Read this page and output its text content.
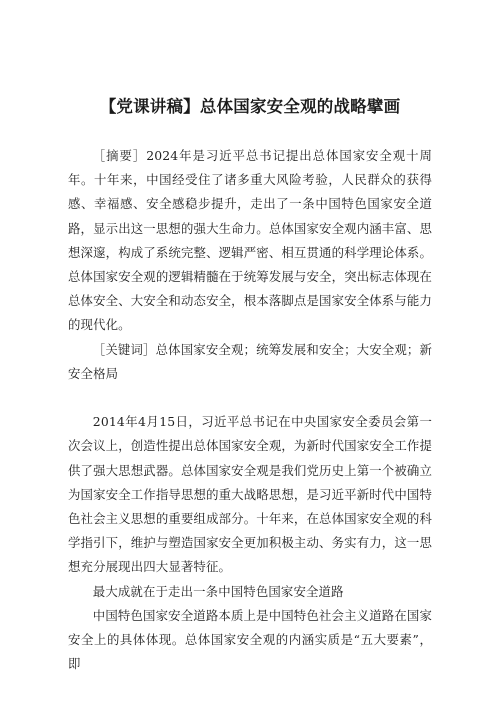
【党课讲稿】总体国家安全观的战略擘画

［摘要］2024年是习近平总书记提出总体国家安全观十周年。十年来，中国经受住了诸多重大风险考验，人民群众的获得感、幸福感、安全感稳步提升，走出了一条中国特色国家安全道路，显示出这一思想的强大生命力。总体国家安全观内涵丰富、思想深邃，构成了系统完整、逻辑严密、相互贯通的科学理论体系。总体国家安全观的逻辑精髓在于统筹发展与安全，突出标志体现在总体安全、大安全和动态安全，根本落脚点是国家安全体系与能力的现代化。

［关键词］总体国家安全观；统筹发展和安全；大安全观；新安全格局

2014年4月15日，习近平总书记在中央国家安全委员会第一次会议上，创造性提出总体国家安全观，为新时代国家安全工作提供了强大思想武器。总体国家安全观是我们党历史上第一个被确立为国家安全工作指导思想的重大战略思想，是习近平新时代中国特色社会主义思想的重要组成部分。十年来，在总体国家安全观的科学指引下，维护与塑造国家安全更加积极主动、务实有力，这一思想充分展现出四大显著特征。

最大成就在于走出一条中国特色国家安全道路

中国特色国家安全道路本质上是中国特色社会主义道路在国家安全上的具体体现。总体国家安全观的内涵实质是“五大要素”，即
